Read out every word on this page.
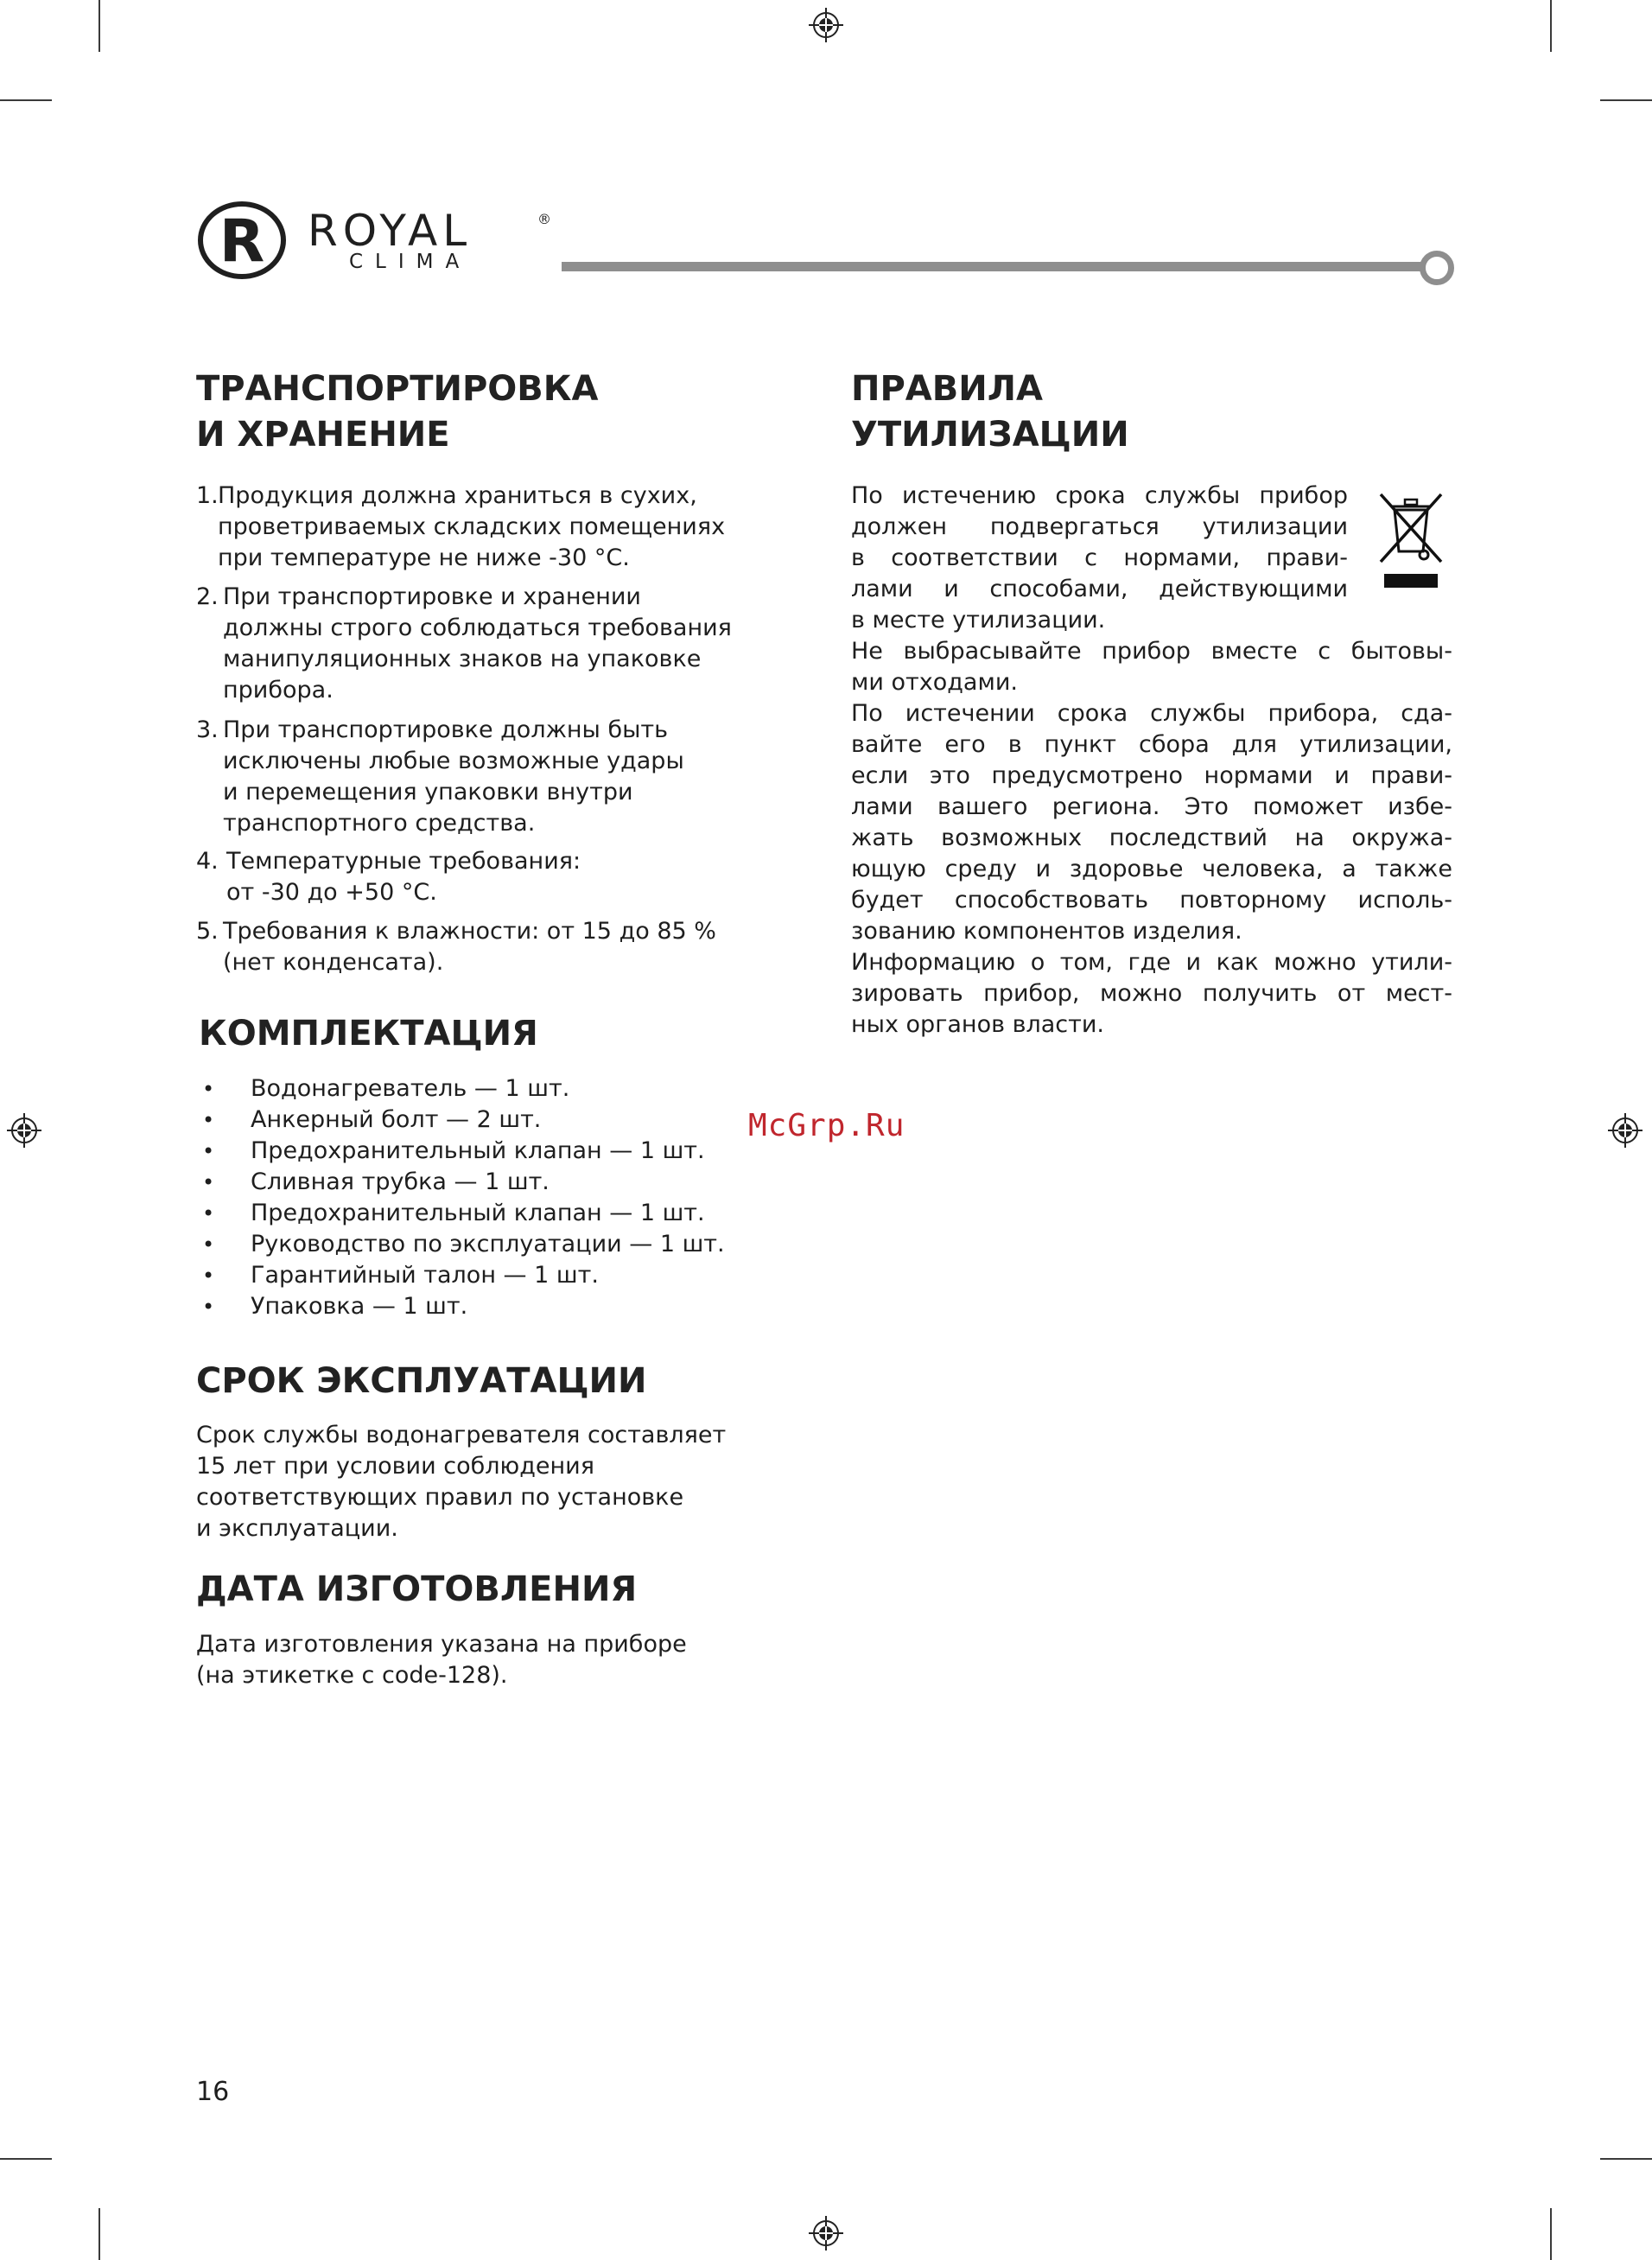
R ROYAL	®
CLIMA
ТРАНСПОРТИРОВКА
И ХРАНЕНИЕ
1. Продукция должна храниться в сухих,
проветриваемых складских помещениях
при температуре не ниже -30 °С.
2. При транспортировке и хранении
должны строго соблюдаться требования
манипуляционных знаков на упаковке
прибора.
3. При транспортировке должны быть
исключены любые возможные удары
и перемещения упаковки внутри
транспортного средства.
4. Температурные требования:
от -30 до +50 °С.
5. Требования к влажности: от 15 до 85 %
(нет конденсата).
КОМПЛЕКТАЦИЯ
• Водонагреватель — 1 шт.
• Анкерный болт — 2 шт.
• Предохранительный клапан — 1 шт.
• Сливная трубка — 1 шт.
• Предохранительный клапан — 1 шт.
• Руководство по эксплуатации — 1 шт.
• Гарантийный талон — 1 шт.
• Упаковка — 1 шт.
СРОК ЭКСПЛУАТАЦИИ
Срок службы водонагревателя составляет
15 лет при условии соблюдения
соответствующих правил по установке
и эксплуатации.
ДАТА ИЗГОТОВЛЕНИЯ
Дата изготовления указана на приборе
(на этикетке с code-128).
ПРАВИЛА
УТИЛИЗАЦИИ
По истечению срока службы прибор
должен подвергаться утилизации
в соответствии с нормами, прави-
лами и способами, действующими
в месте утилизации.
Не выбрасывайте прибор вместе с бытовы-
ми отходами.
По истечении срока службы прибора, сда-
вайте его в пункт сбора для утилизации,
если это предусмотрено нормами и прави-
лами вашего региона. Это поможет избе-
жать возможных последствий на окружа-
ющую среду и здоровье человека, а также
будет способствовать повторному исполь-
зованию компонентов изделия.
Информацию о том, где и как можно утили-
зировать прибор, можно получить от мест-
ных органов власти.
McGrp.Ru
16
